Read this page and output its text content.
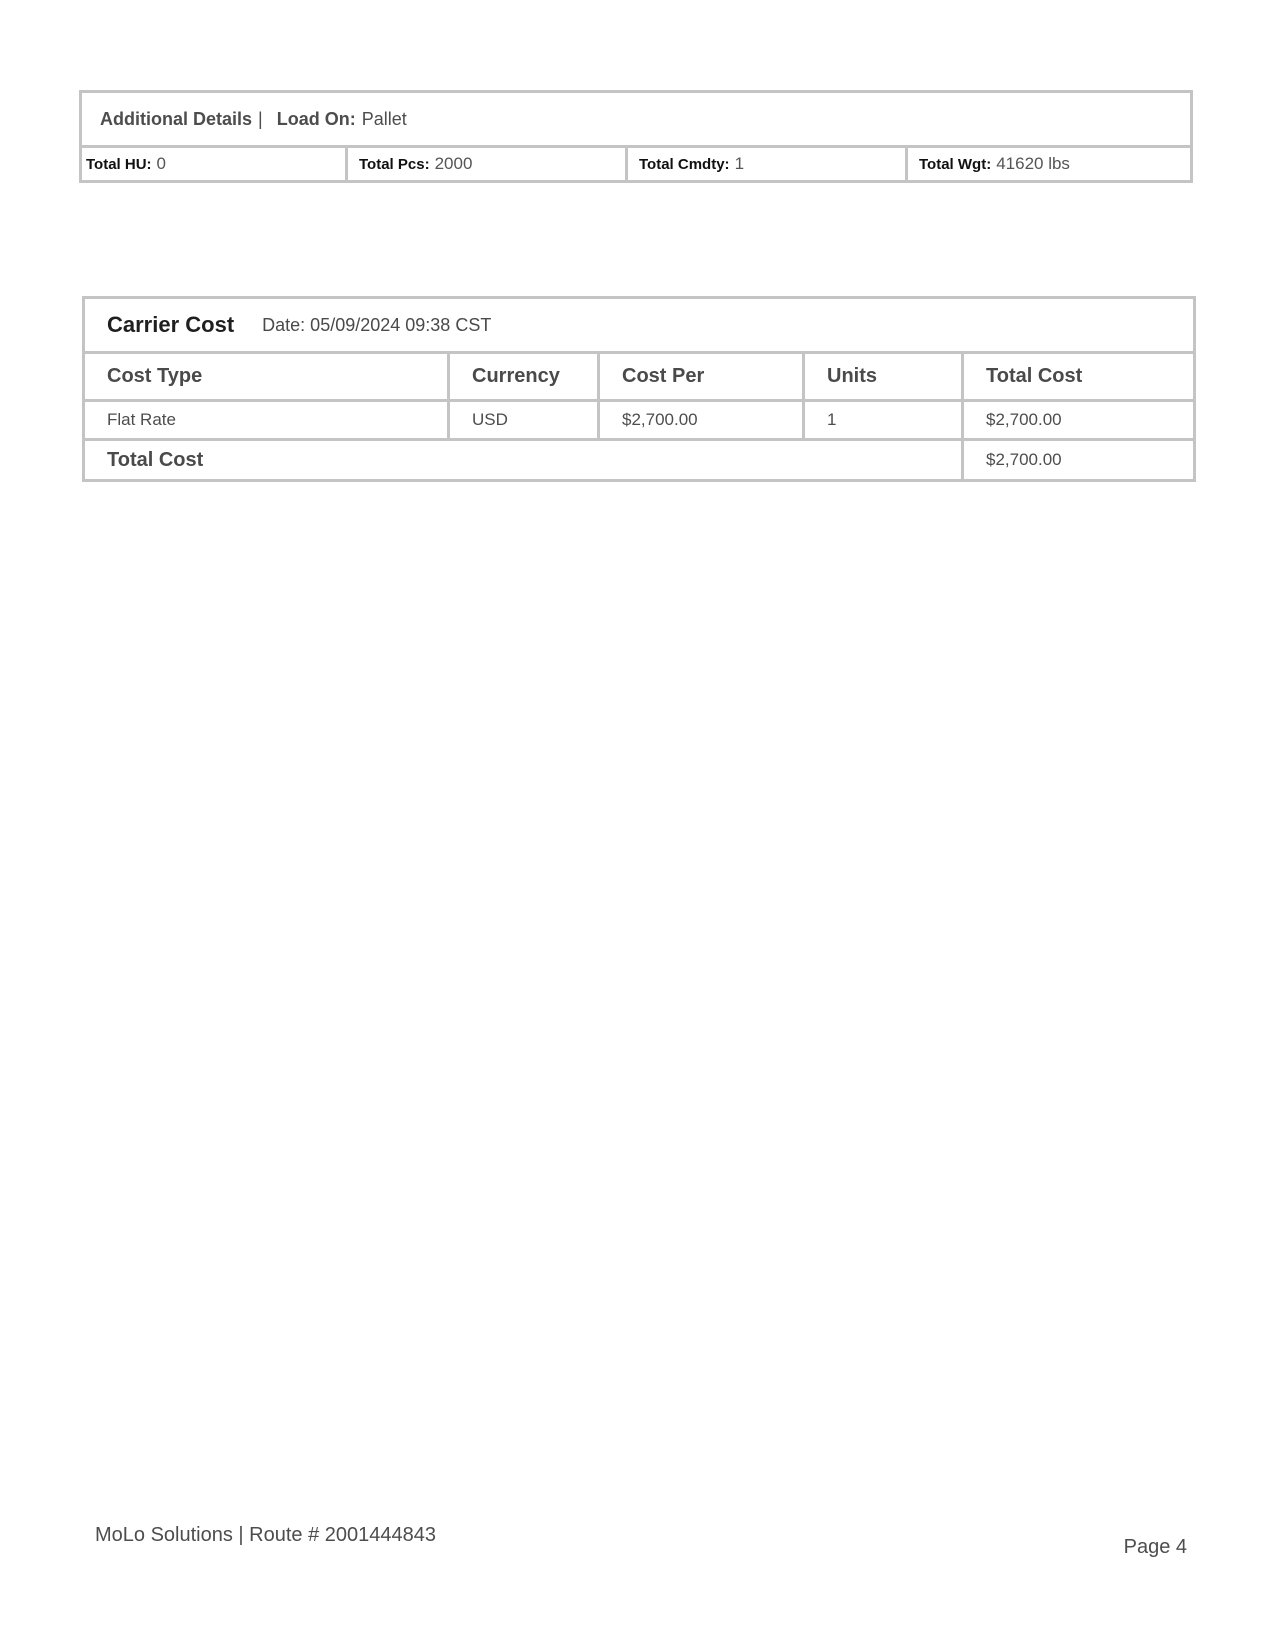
Additional Details | Load On: Pallet
Total HU: 0	Total Pcs: 2000	Total Cmdty: 1	Total Wgt: 41620 lbs
Carrier Cost Date: 05/09/2024 09:38 CST
Cost Type	Currency	Cost Per	Units	Total Cost
Flat Rate	USD	$2,700.00	1	$2,700.00
Total Cost	$2,700.00
MoLo Solutions | Route # 2001444843
Page 4
